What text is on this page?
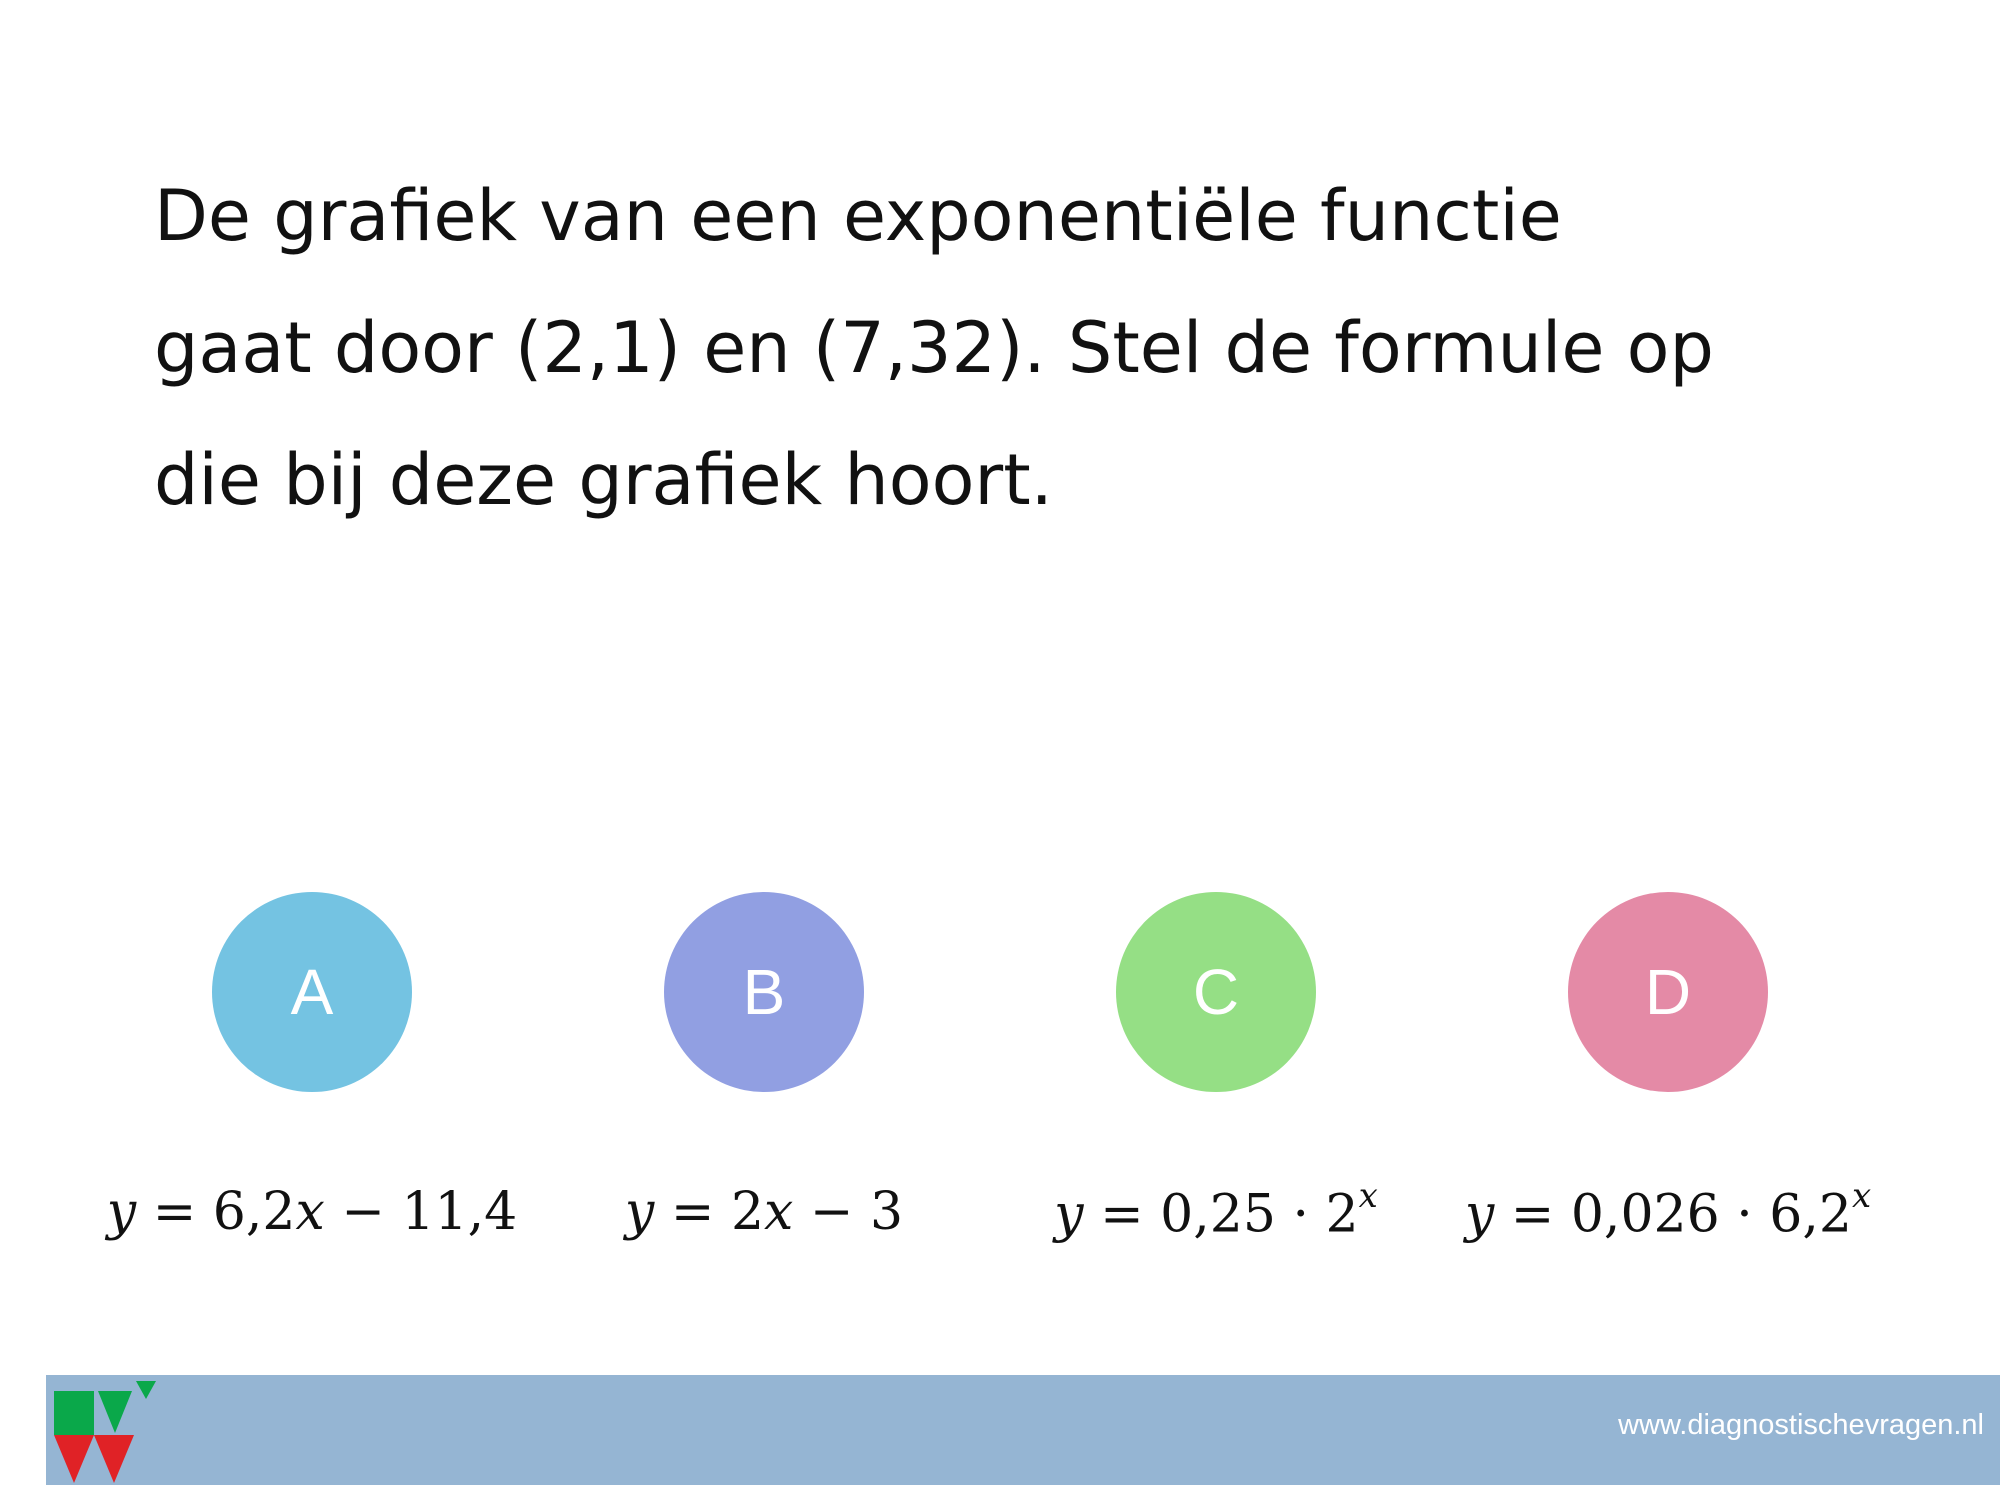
De grafiek van een exponentiële functie
gaat door (2,1) en (7,32). Stel de formule op
die bij deze grafiek hoort.
A
y = 6,2x − 11,4
B
y = 2x − 3
C
$y = 0,25 \cdot 2^x$
D
$y = 0,026 \cdot 6,2^x$
www.diagnostischevragen.nl
